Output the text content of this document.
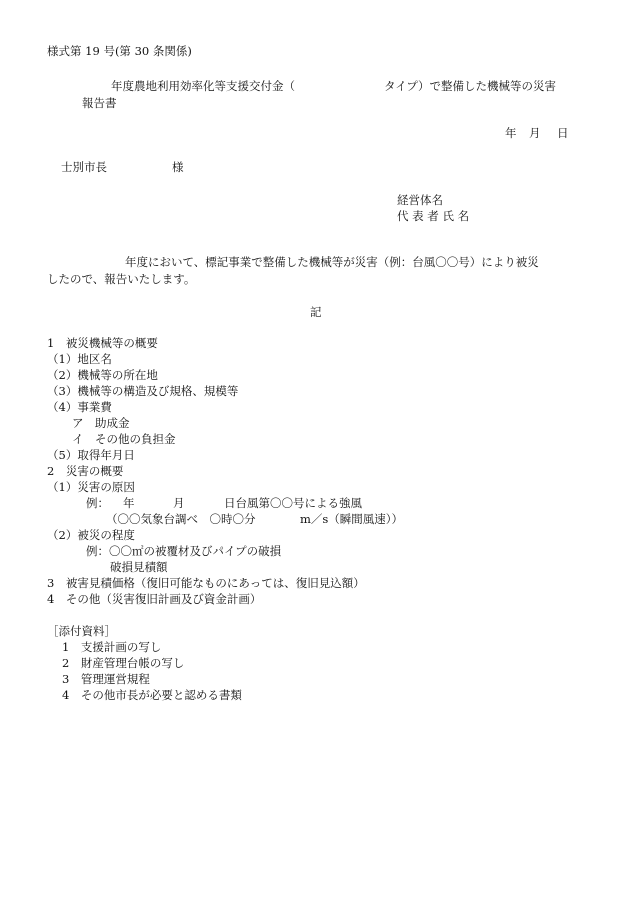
様式第 19 号(第 30 条関係)
年度農地利用効率化等支援交付金（	タイプ）で整備した機械等の災害
報告書
年 月 日
士別市長	様
経営体名
代 表 者 氏 名
年度において、標記事業で整備した機械等が災害（例：台風〇〇号）により被災
したので、報告いたします。
記
1　被災機械等の概要
（1）地区名
（2）機械等の所在地
（3）機械等の構造及び規格、規模等
（4）事業費
ア　助成金
イ　その他の負担金
（5）取得年月日
2　災害の概要
（1）災害の原因
例： 年	月	日台風第〇〇号による強風
（〇〇気象台調べ　〇時〇分	m／s（瞬間風速））
（2）被災の程度
例：〇〇㎡の被覆材及びパイプの破損
破損見積額
3　被害見積価格（復旧可能なものにあっては、復旧見込額）
4　その他（災害復旧計画及び資金計画）
［添付資料］
1　支援計画の写し
2　財産管理台帳の写し
3　管理運営規程
4　その他市長が必要と認める書類
